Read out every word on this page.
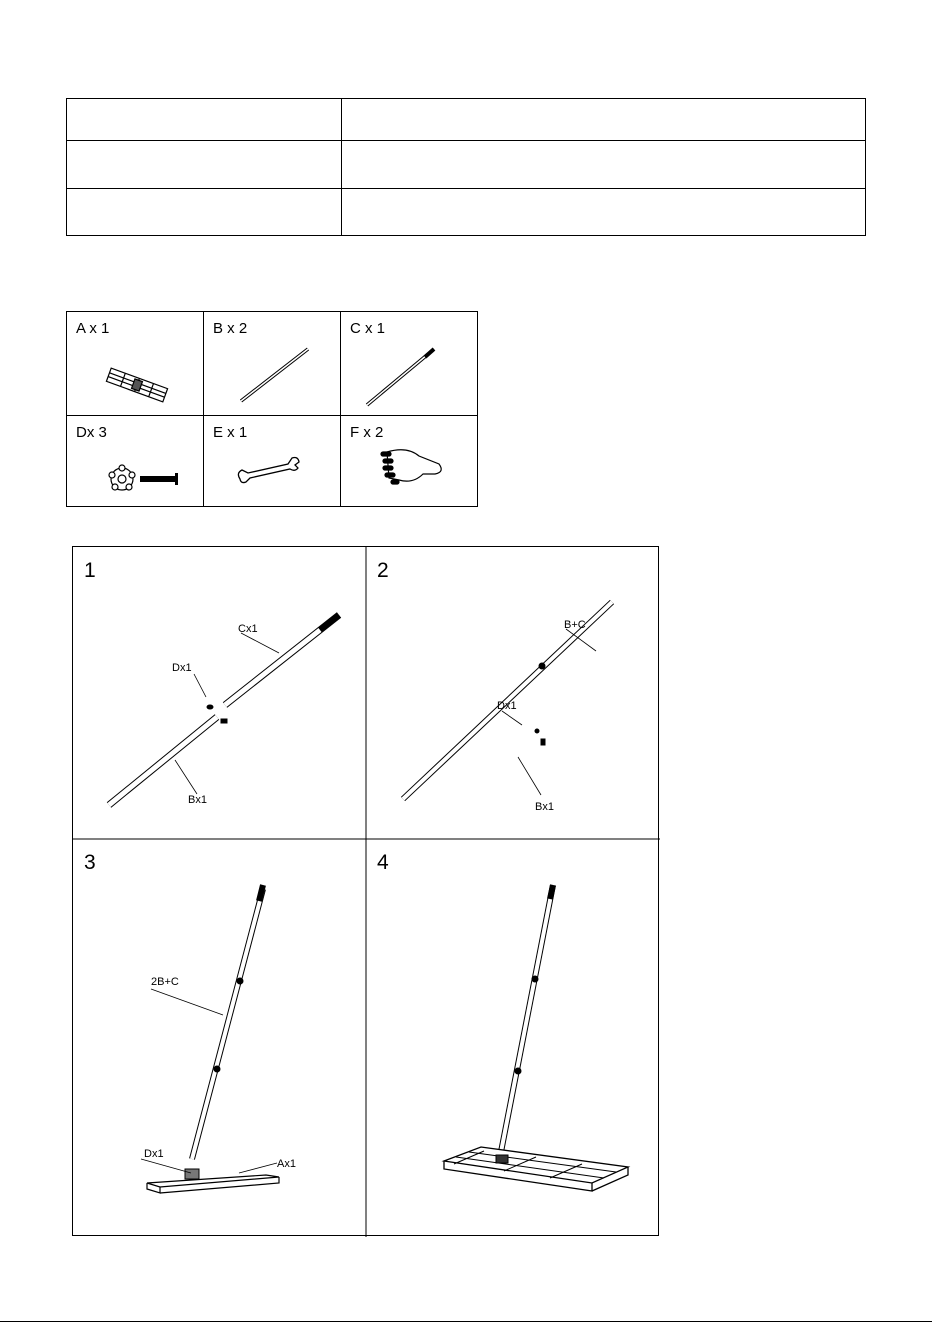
A x 1	B x 2	C x 1
Dx 3	E x 1	F x 2
1
Cx1
Dx1
Bx1
2
B+C
Dx1
Bx1
3
2B+C
Dx1
Ax1
4
